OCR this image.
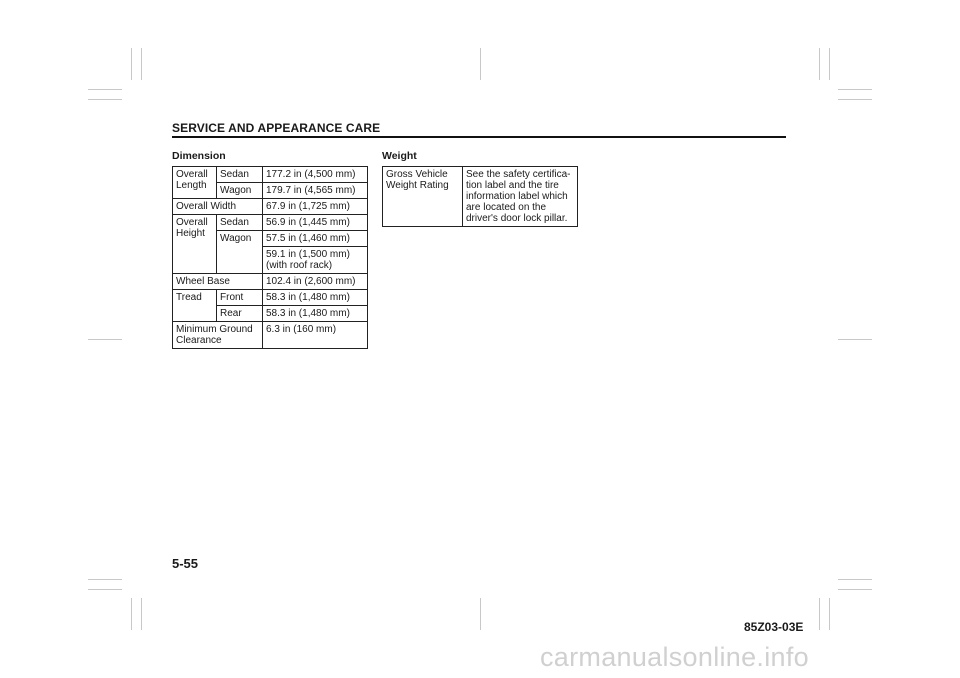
SERVICE AND APPEARANCE CARE
Dimension
Overall Length	Sedan	177.2 in (4,500 mm)
	Wagon	179.7 in (4,565 mm)
Overall Width		67.9 in (1,725 mm)
Overall Height	Sedan	56.9 in (1,445 mm)
	Wagon	57.5 in (1,460 mm)
		59.1 in (1,500 mm) (with roof rack)
Wheel Base		102.4 in (2,600 mm)
Tread	Front	58.3 in (1,480 mm)
	Rear	58.3 in (1,480 mm)
Minimum Ground Clearance		6.3 in (160 mm)
Weight
Gross Vehicle Weight Rating	See the safety certifica-tion label and the tire information label which are located on the driver's door lock pillar.
5-55
85Z03-03E
carmanualsonline.info
